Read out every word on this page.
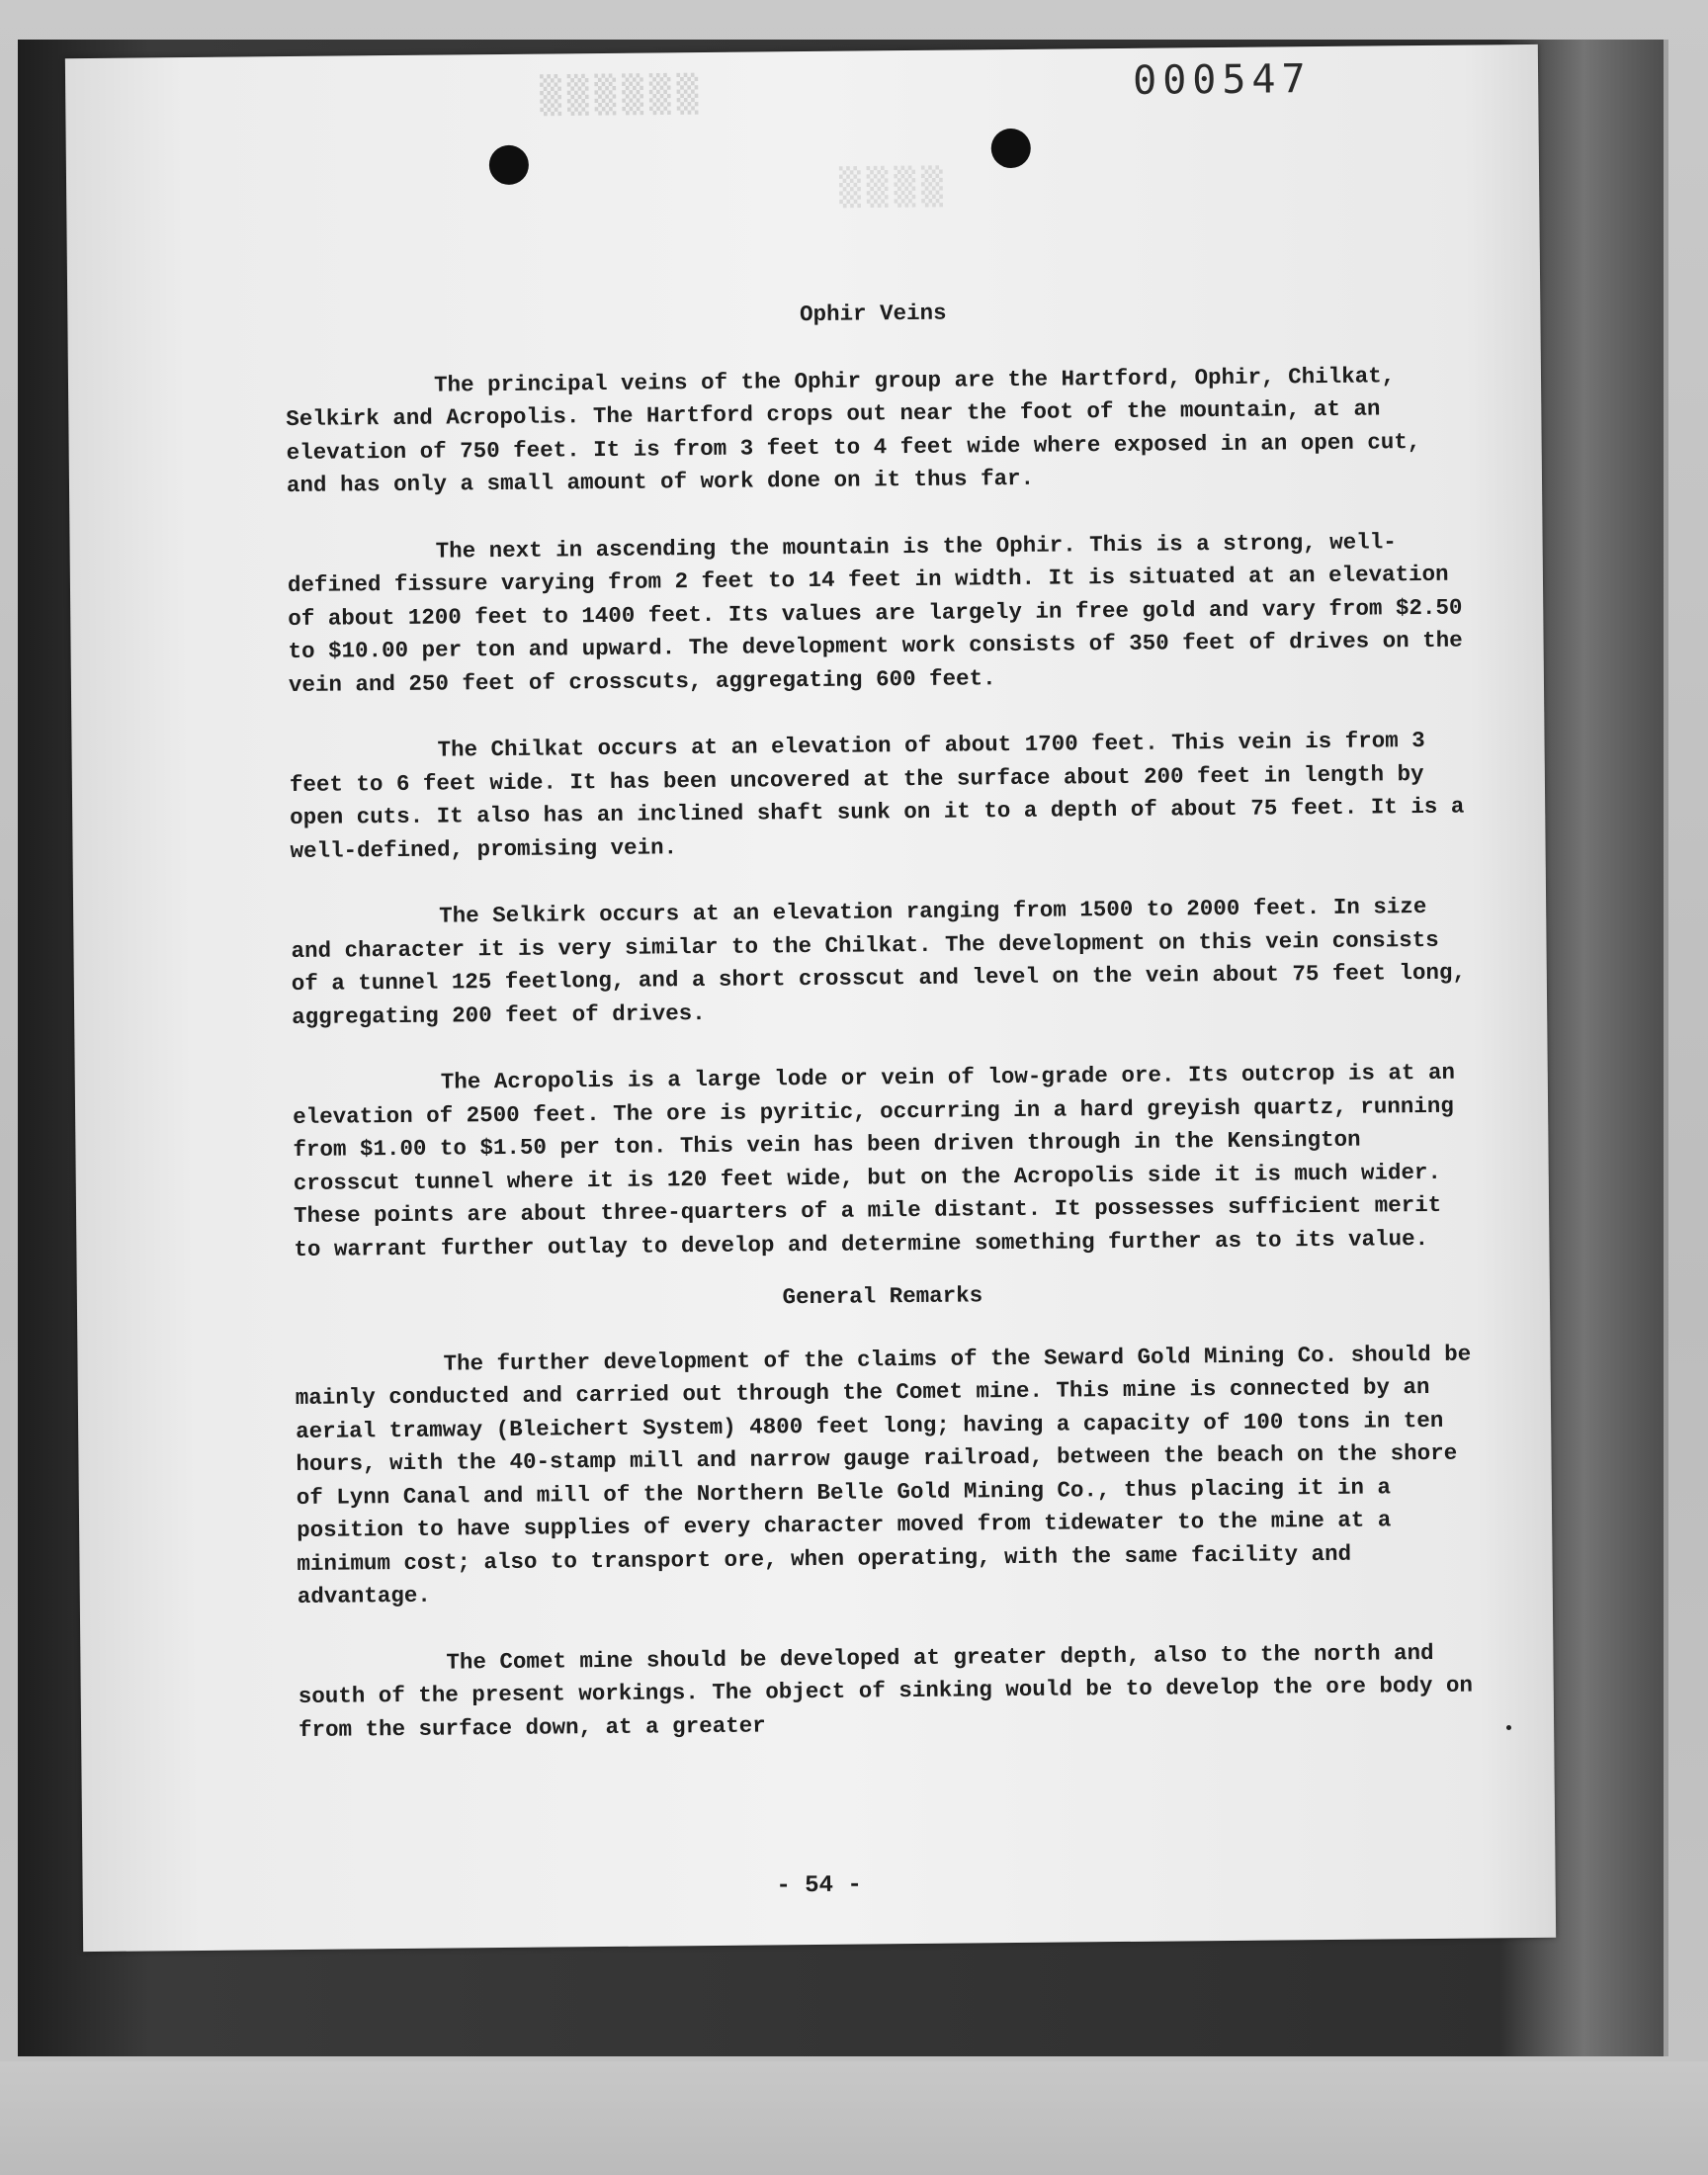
▒▒▒▒▒▒
▒▒▒▒
000547
Ophir Veins

The principal veins of the Ophir group are the Hartford, Ophir, Chilkat, Selkirk and Acropolis. The Hartford crops out near the foot of the mountain, at an elevation of 750 feet. It is from 3 feet to 4 feet wide where exposed in an open cut, and has only a small amount of work done on it thus far.

The next in ascending the mountain is the Ophir. This is a strong, well-defined fissure varying from 2 feet to 14 feet in width. It is situated at an elevation of about 1200 feet to 1400 feet. Its values are largely in free gold and vary from $2.50 to $10.00 per ton and upward. The development work consists of 350 feet of drives on the vein and 250 feet of crosscuts, aggregating 600 feet.

The Chilkat occurs at an elevation of about 1700 feet. This vein is from 3 feet to 6 feet wide. It has been uncovered at the surface about 200 feet in length by open cuts. It also has an inclined shaft sunk on it to a depth of about 75 feet. It is a well-defined, promising vein.

The Selkirk occurs at an elevation ranging from 1500 to 2000 feet. In size and character it is very similar to the Chilkat. The development on this vein consists of a tunnel 125 feetlong, and a short crosscut and level on the vein about 75 feet long, aggregating 200 feet of drives.

The Acropolis is a large lode or vein of low-grade ore. Its outcrop is at an elevation of 2500 feet. The ore is pyritic, occurring in a hard greyish quartz, running from $1.00 to $1.50 per ton. This vein has been driven through in the Kensington crosscut tunnel where it is 120 feet wide, but on the Acropolis side it is much wider. These points are about three-quarters of a mile distant. It possesses sufficient merit to warrant further outlay to develop and determine something further as to its value.

General Remarks

The further development of the claims of the Seward Gold Mining Co. should be mainly conducted and carried out through the Comet mine. This mine is connected by an aerial tramway (Bleichert System) 4800 feet long; having a capacity of 100 tons in ten hours, with the 40-stamp mill and narrow gauge railroad, between the beach on the shore of Lynn Canal and mill of the Northern Belle Gold Mining Co., thus placing it in a position to have supplies of every character moved from tidewater to the mine at a minimum cost; also to transport ore, when operating, with the same facility and advantage.

The Comet mine should be developed at greater depth, also to the north and south of the present workings. The object of sinking would be to develop the ore body on from the surface down, at a greater

- 54 -
